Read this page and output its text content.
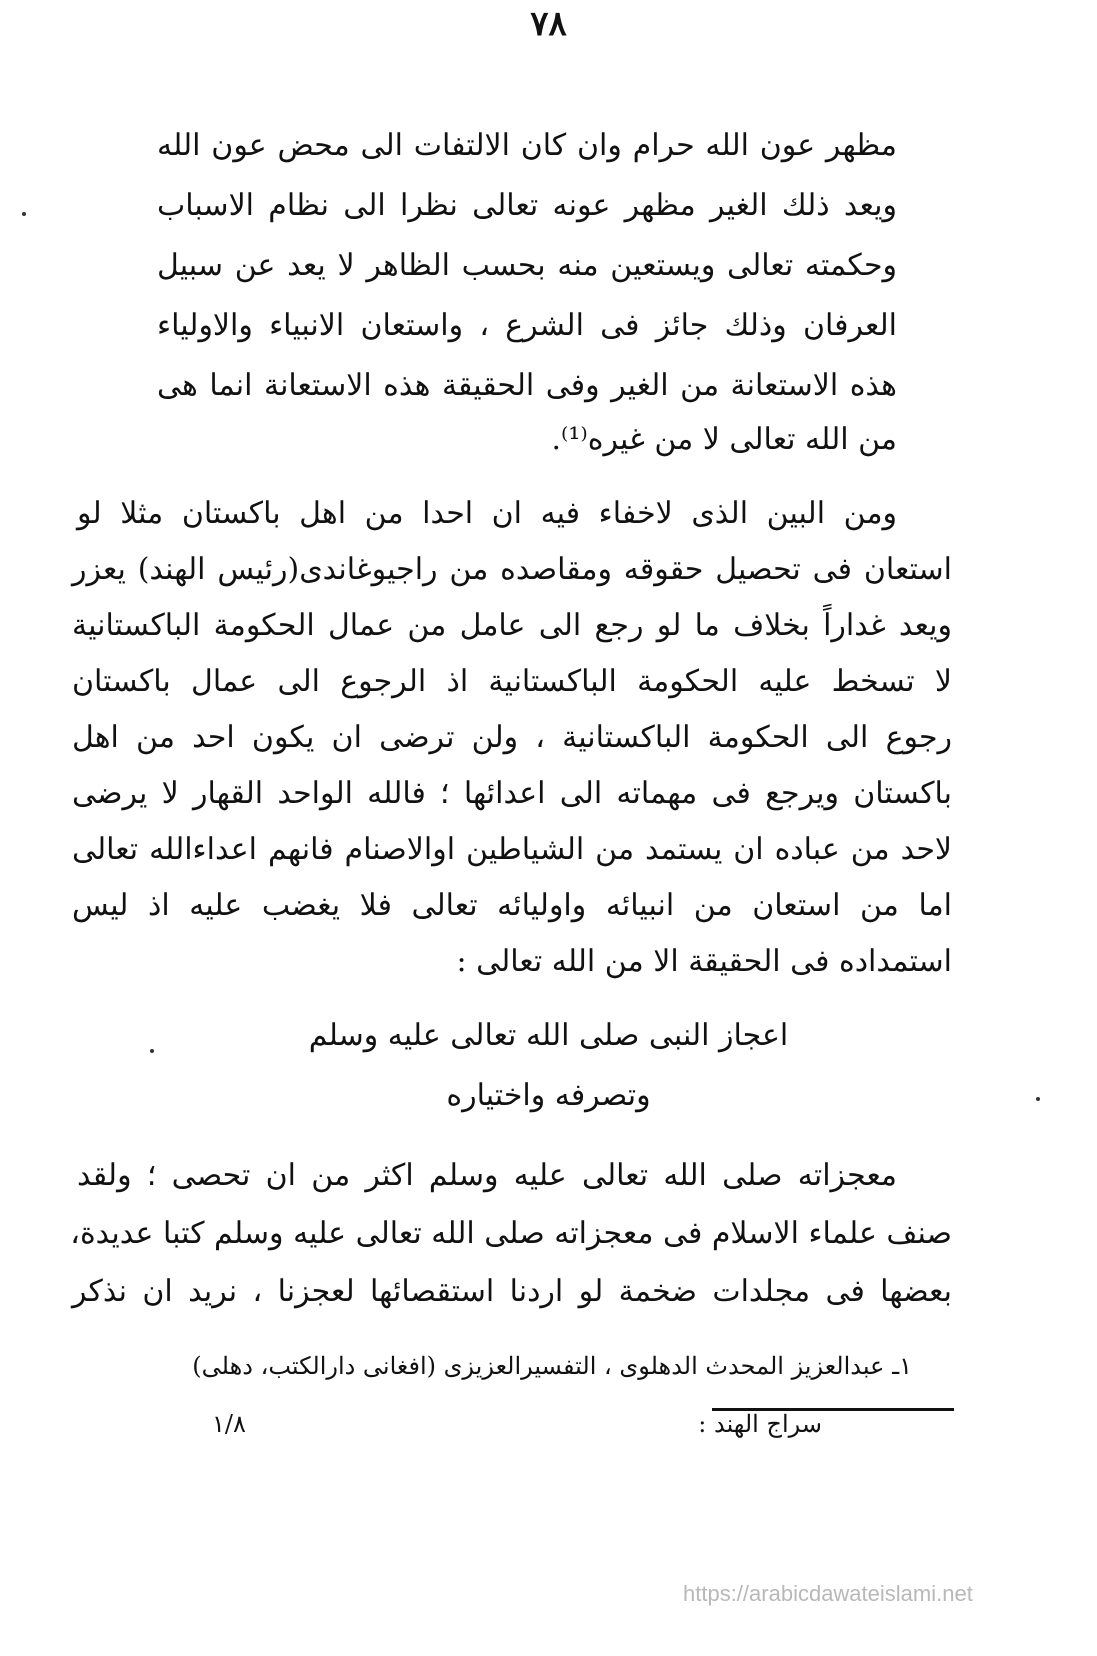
٧٨
مظهر عون الله حرام وان كان الالتفات الى محض عون الله
ويعد ذلك الغير مظهر عونه تعالى نظرا الى نظام الاسباب
وحكمته تعالى ويستعين منه بحسب الظاهر لا يعد عن سبيل
العرفان وذلك جائز فى الشرع ، واستعان الانبياء والاولياء
هذه الاستعانة من الغير وفى الحقيقة هذه الاستعانة انما هى
من الله تعالى لا من غيره⁽¹⁾.
ومن البين الذى لاخفاء فيه ان احدا من اهل باكستان مثلا لو
استعان فى تحصيل حقوقه ومقاصده من راجيوغاندى(رئيس الهند) يعزر
ويعد غداراً بخلاف ما لو رجع الى عامل من عمال الحكومة الباكستانية
لا تسخط عليه الحكومة الباكستانية اذ الرجوع الى عمال باكستان
رجوع الى الحكومة الباكستانية ، ولن ترضى ان يكون احد من اهل
باكستان ويرجع فى مهماته الى اعدائها ؛ فالله الواحد القهار لا يرضى
لاحد من عباده ان يستمد من الشياطين اوالاصنام فانهم اعداءالله تعالى
اما من استعان من انبيائه واوليائه تعالى فلا يغضب عليه اذ ليس
استمداده فى الحقيقة الا من الله تعالى :
اعجاز النبى صلى الله تعالى عليه وسلم
وتصرفه واختياره
معجزاته صلى الله تعالى عليه وسلم اكثر من ان تحصى ؛ ولقد
صنف علماء الاسلام فى معجزاته صلى الله تعالى عليه وسلم كتبا عديدة،
بعضها فى مجلدات ضخمة لو اردنا استقصائها لعجزنا ، نريد ان نذكر
١ـ عبدالعزيز المحدث الدهلوى ، التفسيرالعزيزى (افغانى دارالكتب، دهلى)
سراج الهند :
١/٨
https://arabicdawateislami.net
